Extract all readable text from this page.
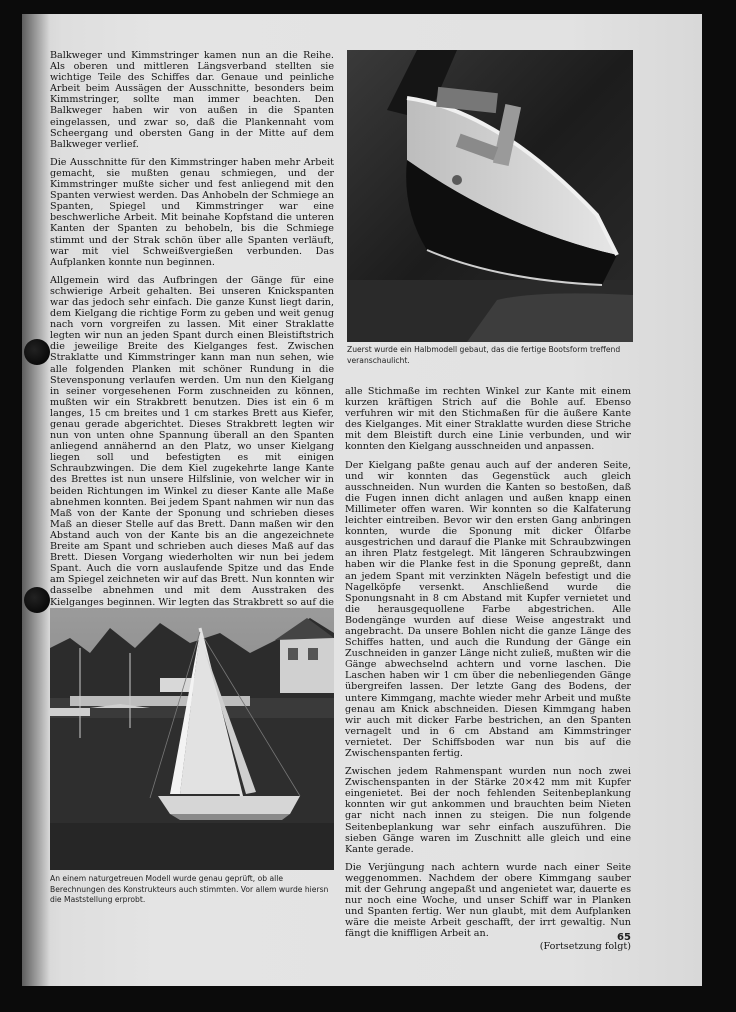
Balkweger und Kimmstringer kamen nun an die Reihe. Als oberen und mittleren Längsverband stellten sie wichtige Teile des Schiffes dar. Genaue und peinliche Arbeit beim Aussägen der Ausschnitte, besonders beim Kimmstringer, sollte man immer beachten. Den Balkweger haben wir von außen in die Spanten eingelassen, und zwar so, daß die Plankennaht vom Scheergang und obersten Gang in der Mitte auf dem Balkweger verlief.

Die Ausschnitte für den Kimmstringer haben mehr Arbeit gemacht, sie mußten genau schmiegen, und der Kimmstringer mußte sicher und fest anliegend mit den Spanten verwiest werden. Das Anhobeln der Schmiege an Spanten, Spiegel und Kimmstringer war eine beschwerliche Arbeit. Mit beinahe Kopfstand die unteren Kanten der Spanten zu behobeln, bis die Schmiege stimmt und der Strak schön über alle Spanten verläuft, war mit viel Schweißvergießen verbunden. Das Aufplanken konnte nun beginnen.

Allgemein wird das Aufbringen der Gänge für eine schwierige Arbeit gehalten. Bei unseren Knickspanten war das jedoch sehr einfach. Die ganze Kunst liegt darin, dem Kielgang die richtige Form zu geben und weit genug nach vorn vorgreifen zu lassen. Mit einer Straklatte legten wir nun an jeden Spant durch einen Bleistiftstrich die jeweilige Breite des Kielganges fest. Zwischen Straklatte und Kimmstringer kann man nun sehen, wie alle folgenden Planken mit schöner Rundung in die Stevensponung verlaufen werden. Um nun den Kielgang in seiner vorgesehenen Form zuschneiden zu können, mußten wir ein Strakbrett benutzen. Dies ist ein 6 m langes, 15 cm breites und 1 cm starkes Brett aus Kiefer, genau gerade abgerichtet. Dieses Strakbrett legten wir nun von unten ohne Spannung überall an den Spanten anliegend annähernd an den Platz, wo unser Kielgang liegen soll und befestigten es mit einigen Schraubzwingen. Die dem Kiel zugekehrte lange Kante des Brettes ist nun unsere Hilfslinie, von welcher wir in beiden Richtungen im Winkel zu dieser Kante alle Maße abnehmen konnten. Bei jedem Spant nahmen wir nun das Maß von der Kante der Sponung und schrieben dieses Maß an dieser Stelle auf das Brett. Dann maßen wir den Abstand auch von der Kante bis an die angezeichnete Breite am Spant und schrieben auch dieses Maß auf das Brett. Diesen Vorgang wiederholten wir nun bei jedem Spant. Auch die vorn auslaufende Spitze und das Ende am Spiegel zeichneten wir auf das Brett. Nun konnten wir dasselbe abnehmen und mit dem Ausstraken des Kielganges beginnen. Wir legten das Strakbrett so auf die

Zuerst wurde ein Halbmodell gebaut, das die fertige Bootsform treffend veranschaulicht.

alle Stichmaße im rechten Winkel zur Kante mit einem kurzen kräftigen Strich auf die Bohle auf. Ebenso verfuhren wir mit den Stichmaßen für die äußere Kante des Kielganges. Mit einer Straklatte wurden diese Striche mit dem Bleistift durch eine Linie verbunden, und wir konnten den Kielgang ausschneiden und anpassen.

Der Kielgang paßte genau auch auf der anderen Seite, und wir konnten das Gegenstück auch gleich ausschneiden. Nun wurden die Kanten so bestoßen, daß die Fugen innen dicht anlagen und außen knapp einen Millimeter offen waren. Wir konnten so die Kalfaterung leichter eintreiben. Bevor wir den ersten Gang anbringen konnten, wurde die Sponung mit dicker Ölfarbe ausgestrichen und darauf die Planke mit Schraubzwingen an ihren Platz festgelegt. Mit längeren Schraubzwingen haben wir die Planke fest in die Sponung gepreßt, dann an jedem Spant mit verzinkten Nägeln befestigt und die Nagelköpfe versenkt. Anschließend wurde die Sponungsnaht in 8 cm Abstand mit Kupfer vernietet und die herausgequollene Farbe abgestrichen. Alle Bodengänge wurden auf diese Weise angestrakt und angebracht. Da unsere Bohlen nicht die ganze Länge des Schiffes hatten, und auch die Rundung der Gänge ein Zuschneiden in ganzer Länge nicht zuließ, mußten wir die Gänge abwechselnd achtern und vorne laschen. Die Laschen haben wir 1 cm über die nebenliegenden Gänge übergreifen lassen. Der letzte Gang des Bodens, der untere Kimmgang, machte wieder mehr Arbeit und mußte genau am Knick abschneiden. Diesen Kimmgang haben wir auch mit dicker Farbe bestrichen, an den Spanten vernagelt und in 6 cm Abstand am Kimmstringer vernietet. Der Schiffsboden war nun bis auf die Zwischenspanten fertig.

Zwischen jedem Rahmenspant wurden nun noch zwei Zwischenspanten in der Stärke 20×42 mm mit Kupfer eingenietet. Bei der noch fehlenden Seitenbeplankung konnten wir gut ankommen und brauchten beim Nieten gar nicht nach innen zu steigen. Die nun folgende Seitenbeplankung war sehr einfach auszuführen. Die sieben Gänge waren im Zuschnitt alle gleich und eine Kante gerade.

Die Verjüngung nach achtern wurde nach einer Seite weggenommen. Nachdem der obere Kimmgang sauber mit der Gehrung angepaßt und angenietet war, dauerte es nur noch eine Woche, und unser Schiff war in Planken und Spanten fertig. Wer nun glaubt, mit dem Aufplanken wäre die meiste Arbeit geschafft, der irrt gewaltig. Nun fängt die kniffligen Arbeit an.

(Fortsetzung folgt)
An einem naturgetreuen Modell wurde genau geprüft, ob alle Berechnungen des Konstrukteurs auch stimmten. Vor allem wurde hiersn die Maststellung erprobt.
65
